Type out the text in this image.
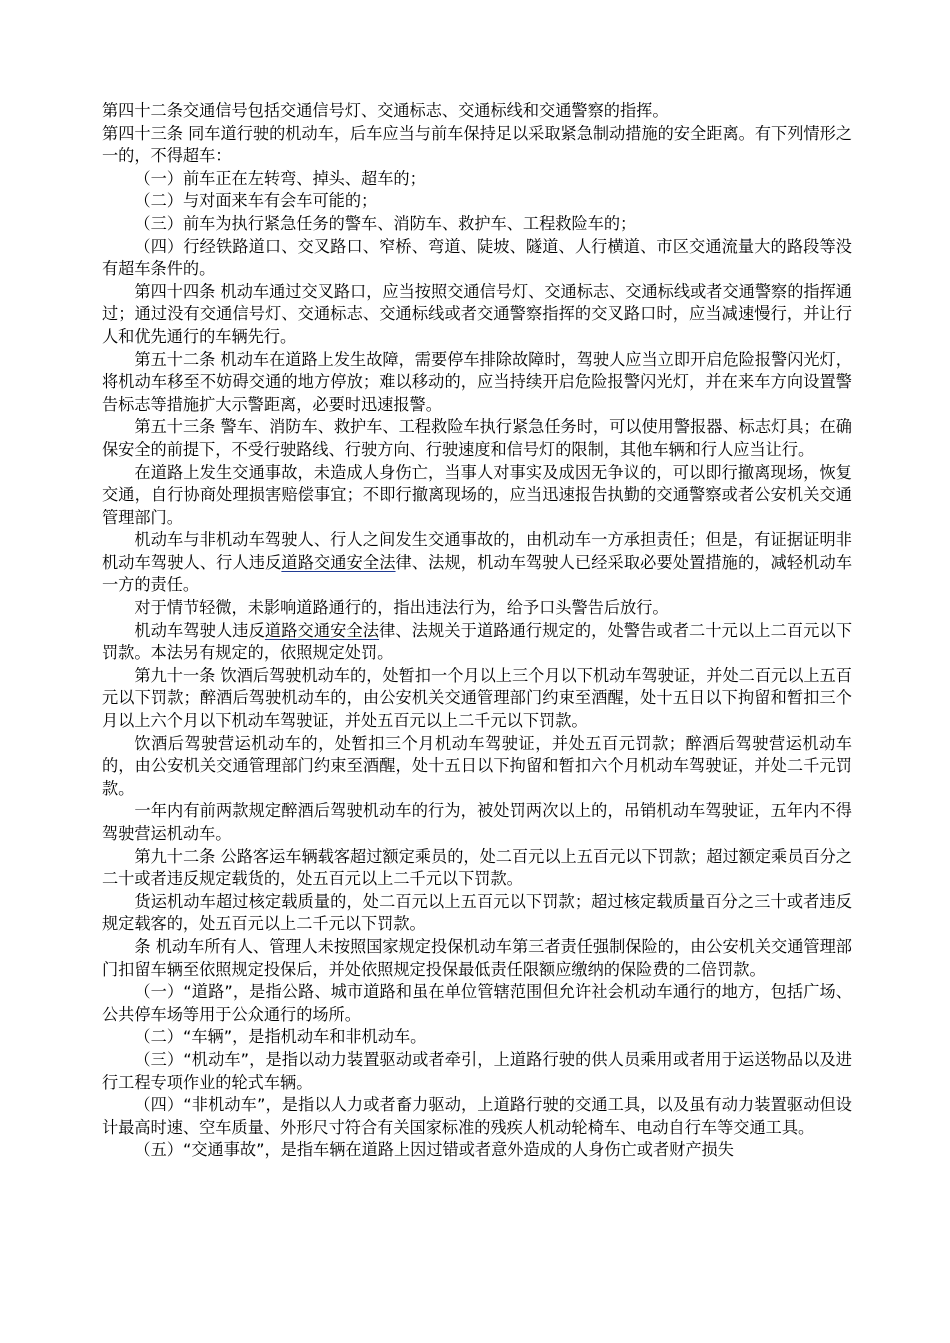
第四十二条交通信号包括交通信号灯、交通标志、交通标线和交通警察的指挥。

第四十三条 同车道行驶的机动车，后车应当与前车保持足以采取紧急制动措施的安全距离。有下列情形之一的，不得超车：

（一）前车正在左转弯、掉头、超车的；

（二）与对面来车有会车可能的；

（三）前车为执行紧急任务的警车、消防车、救护车、工程救险车的；

（四）行经铁路道口、交叉路口、窄桥、弯道、陡坡、隧道、人行横道、市区交通流量大的路段等没有超车条件的。

第四十四条 机动车通过交叉路口，应当按照交通信号灯、交通标志、交通标线或者交通警察的指挥通过；通过没有交通信号灯、交通标志、交通标线或者交通警察指挥的交叉路口时，应当减速慢行，并让行人和优先通行的车辆先行。

第五十二条 机动车在道路上发生故障，需要停车排除故障时，驾驶人应当立即开启危险报警闪光灯，将机动车移至不妨碍交通的地方停放；难以移动的，应当持续开启危险报警闪光灯，并在来车方向设置警告标志等措施扩大示警距离，必要时迅速报警。

第五十三条 警车、消防车、救护车、工程救险车执行紧急任务时，可以使用警报器、标志灯具；在确保安全的前提下，不受行驶路线、行驶方向、行驶速度和信号灯的限制，其他车辆和行人应当让行。

在道路上发生交通事故，未造成人身伤亡，当事人对事实及成因无争议的，可以即行撤离现场，恢复交通，自行协商处理损害赔偿事宜；不即行撤离现场的，应当迅速报告执勤的交通警察或者公安机关交通管理部门。

机动车与非机动车驾驶人、行人之间发生交通事故的，由机动车一方承担责任；但是，有证据证明非机动车驾驶人、行人违反道路交通安全法律、法规，机动车驾驶人已经采取必要处置措施的，减轻机动车一方的责任。

对于情节轻微，未影响道路通行的，指出违法行为，给予口头警告后放行。

机动车驾驶人违反道路交通安全法律、法规关于道路通行规定的，处警告或者二十元以上二百元以下罚款。本法另有规定的，依照规定处罚。

第九十一条 饮酒后驾驶机动车的，处暂扣一个月以上三个月以下机动车驾驶证，并处二百元以上五百元以下罚款；醉酒后驾驶机动车的，由公安机关交通管理部门约束至酒醒，处十五日以下拘留和暂扣三个月以上六个月以下机动车驾驶证，并处五百元以上二千元以下罚款。

饮酒后驾驶营运机动车的，处暂扣三个月机动车驾驶证，并处五百元罚款；醉酒后驾驶营运机动车的，由公安机关交通管理部门约束至酒醒，处十五日以下拘留和暂扣六个月机动车驾驶证，并处二千元罚款。

一年内有前两款规定醉酒后驾驶机动车的行为，被处罚两次以上的，吊销机动车驾驶证，五年内不得驾驶营运机动车。

第九十二条 公路客运车辆载客超过额定乘员的，处二百元以上五百元以下罚款；超过额定乘员百分之二十或者违反规定载货的，处五百元以上二千元以下罚款。

货运机动车超过核定载质量的，处二百元以上五百元以下罚款；超过核定载质量百分之三十或者违反规定载客的，处五百元以上二千元以下罚款。

条 机动车所有人、管理人未按照国家规定投保机动车第三者责任强制保险的，由公安机关交通管理部门扣留车辆至依照规定投保后，并处依照规定投保最低责任限额应缴纳的保险费的二倍罚款。

（一）“道路”，是指公路、城市道路和虽在单位管辖范围但允许社会机动车通行的地方，包括广场、公共停车场等用于公众通行的场所。

（二）“车辆”，是指机动车和非机动车。

（三）“机动车”，是指以动力装置驱动或者牵引，上道路行驶的供人员乘用或者用于运送物品以及进行工程专项作业的轮式车辆。

（四）“非机动车”，是指以人力或者畜力驱动，上道路行驶的交通工具，以及虽有动力装置驱动但设计最高时速、空车质量、外形尺寸符合有关国家标准的残疾人机动轮椅车、电动自行车等交通工具。

（五）“交通事故”，是指车辆在道路上因过错或者意外造成的人身伤亡或者财产损失
